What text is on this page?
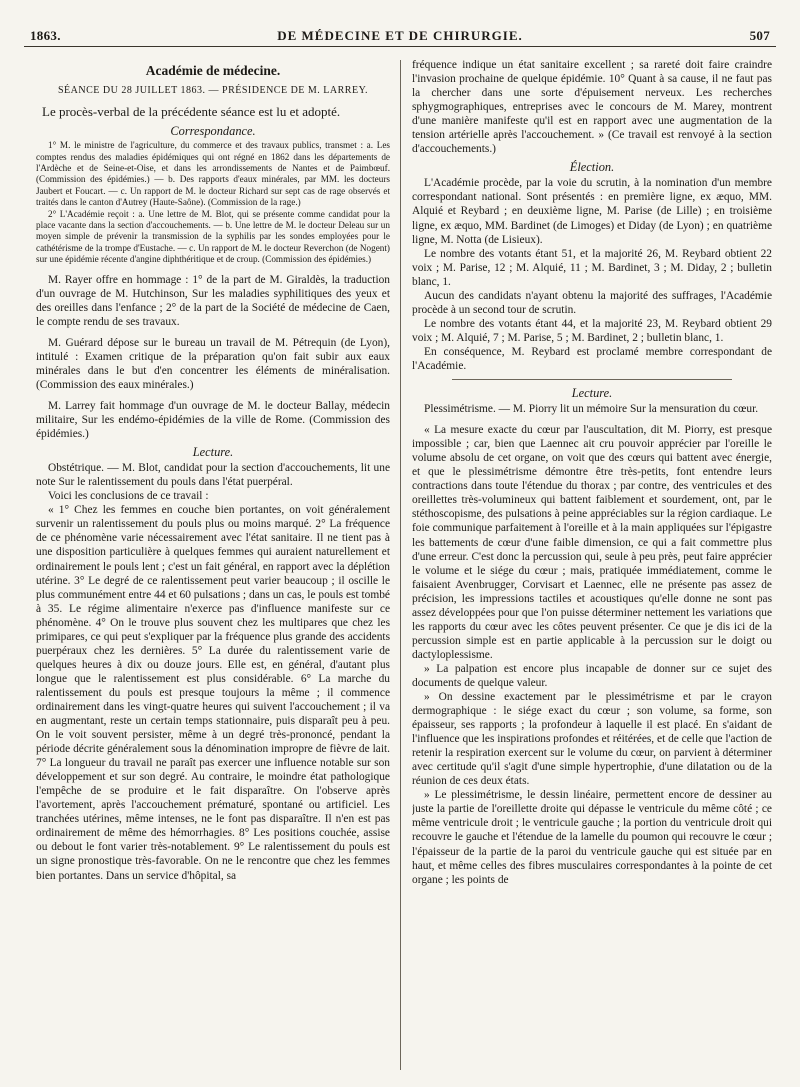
1863.	DE MÉDECINE ET DE CHIRURGIE.	507

Académie de médecine.

SÉANCE DU 28 JUILLET 1863. — PRÉSIDENCE DE M. LARREY.

Le procès-verbal de la précédente séance est lu et adopté.

Correspondance.

1° M. le ministre de l'agriculture, du commerce et des travaux publics, transmet : a. Les comptes rendus des maladies épidémiques qui ont régné en 1862 dans les départements de l'Ardèche et de Seine-et-Oise, et dans les arrondissements de Nantes et de Paimbœuf. (Commission des épidémies.) — b. Des rapports d'eaux minérales, par MM. les docteurs Jaubert et Foucart. — c. Un rapport de M. le docteur Richard sur sept cas de rage observés et traités dans le canton d'Autrey (Haute-Saône). (Commission de la rage.)

2° L'Académie reçoit : a. Une lettre de M. Blot, qui se présente comme candidat pour la place vacante dans la section d'accouchements. — b. Une lettre de M. le docteur Deleau sur un moyen simple de prévenir la transmission de la syphilis par les sondes employées pour le cathétérisme de la trompe d'Eustache. — c. Un rapport de M. le docteur Reverchon (de Nogent) sur une épidémie récente d'angine diphthéritique et de croup. (Commission des épidémies.)

M. Rayer offre en hommage : 1° de la part de M. Giraldès, la traduction d'un ouvrage de M. Hutchinson, Sur les maladies syphilitiques des yeux et des oreilles dans l'enfance ; 2° de la part de la Société de médecine de Caen, le compte rendu de ses travaux.

M. Guérard dépose sur le bureau un travail de M. Pétrequin (de Lyon), intitulé : Examen critique de la préparation qu'on fait subir aux eaux minérales dans le but d'en concentrer les éléments de minéralisation. (Commission des eaux minérales.)

M. Larrey fait hommage d'un ouvrage de M. le docteur Ballay, médecin militaire, Sur les endémo-épidémies de la ville de Rome. (Commission des épidémies.)

Lecture.

Obstétrique. — M. Blot, candidat pour la section d'accouchements, lit une note Sur le ralentissement du pouls dans l'état puerpéral.

Voici les conclusions de ce travail :

« 1° Chez les femmes en couche bien portantes, on voit généralement survenir un ralentissement du pouls plus ou moins marqué. 2° La fréquence de ce phénomène varie nécessairement avec l'état sanitaire. Il ne tient pas à une disposition particulière à quelques femmes qui auraient naturellement et ordinairement le pouls lent ; c'est un fait général, en rapport avec la déplétion utérine. 3° Le degré de ce ralentissement peut varier beaucoup ; il oscille le plus communément entre 44 et 60 pulsations ; dans un cas, le pouls est tombé à 35. Le régime alimentaire n'exerce pas d'influence manifeste sur ce phénomène. 4° On le trouve plus souvent chez les multipares que chez les primipares, ce qui peut s'expliquer par la fréquence plus grande des accidents puerpéraux chez les dernières. 5° La durée du ralentissement varie de quelques heures à dix ou douze jours. Elle est, en général, d'autant plus longue que le ralentissement est plus considérable. 6° La marche du ralentissement du pouls est presque toujours la même ; il commence ordinairement dans les vingt-quatre heures qui suivent l'accouchement ; il va en augmentant, reste un certain temps stationnaire, puis disparaît peu à peu. On le voit souvent persister, même à un degré très-prononcé, pendant la période décrite généralement sous la dénomination impropre de fièvre de lait. 7° La longueur du travail ne paraît pas exercer une influence notable sur son développement et sur son degré. Au contraire, le moindre état pathologique l'empêche de se produire et le fait disparaître. On l'observe après l'avortement, après l'accouchement prématuré, spontané ou artificiel. Les tranchées utérines, même intenses, ne le font pas disparaître. Il n'en est pas ordinairement de même des hémorrhagies. 8° Les positions couchée, assise ou debout le font varier très-notablement. 9° Le ralentissement du pouls est un signe pronostique très-favorable. On ne le rencontre que chez les femmes bien portantes. Dans un service d'hôpital, sa

fréquence indique un état sanitaire excellent ; sa rareté doit faire craindre l'invasion prochaine de quelque épidémie. 10° Quant à sa cause, il ne faut pas la chercher dans une sorte d'épuisement nerveux. Les recherches sphygmographiques, entreprises avec le concours de M. Marey, montrent d'une manière manifeste qu'il est en rapport avec une augmentation de la tension artérielle après l'accouchement. » (Ce travail est renvoyé à la section d'accouchements.)

Élection.

L'Académie procède, par la voie du scrutin, à la nomination d'un membre correspondant national. Sont présentés : en première ligne, ex æquo, MM. Alquié et Reybard ; en deuxième ligne, M. Parise (de Lille) ; en troisième ligne, ex æquo, MM. Bardinet (de Limoges) et Diday (de Lyon) ; en quatrième ligne, M. Notta (de Lisieux).

Le nombre des votants étant 51, et la majorité 26, M. Reybard obtient 22 voix ; M. Parise, 12 ; M. Alquié, 11 ; M. Bardinet, 3 ; M. Diday, 2 ; bulletin blanc, 1.

Aucun des candidats n'ayant obtenu la majorité des suffrages, l'Académie procède à un second tour de scrutin.

Le nombre des votants étant 44, et la majorité 23, M. Reybard obtient 29 voix ; M. Alquié, 7 ; M. Parise, 5 ; M. Bardinet, 2 ; bulletin blanc, 1.

En conséquence, M. Reybard est proclamé membre correspondant de l'Académie.

Lecture.

Plessimétrisme. — M. Piorry lit un mémoire Sur la mensuration du cœur.

« La mesure exacte du cœur par l'auscultation, dit M. Piorry, est presque impossible ; car, bien que Laennec ait cru pouvoir apprécier par l'oreille le volume absolu de cet organe, on voit que des cœurs qui battent avec énergie, et que le plessimétrisme démontre être très-petits, font entendre leurs contractions dans toute l'étendue du thorax ; par contre, des ventricules et des oreillettes très-volumineux qui battent faiblement et sourdement, ont, par le stéthoscopisme, des pulsations à peine appréciables sur la région cardiaque. Le foie communique parfaitement à l'oreille et à la main appliquées sur l'épigastre les battements de cœur d'une faible dimension, ce qui a fait commettre plus d'une erreur. C'est donc la percussion qui, seule à peu près, peut faire apprécier le volume et le siége du cœur ; mais, pratiquée immédiatement, comme le faisaient Avenbrugger, Corvisart et Laennec, elle ne présente pas assez de précision, les impressions tactiles et acoustiques qu'elle donne ne sont pas assez développées pour que l'on puisse déterminer nettement les variations que les rapports du cœur avec les côtes peuvent présenter. Ce que je dis ici de la percussion simple est en partie applicable à la percussion sur le doigt ou dactyloplessisme.

» La palpation est encore plus incapable de donner sur ce sujet des documents de quelque valeur.

» On dessine exactement par le plessimétrisme et par le crayon dermographique : le siége exact du cœur ; son volume, sa forme, son épaisseur, ses rapports ; la profondeur à laquelle il est placé. En s'aidant de l'influence que les inspirations profondes et réitérées, et de celle que l'action de retenir la respiration exercent sur le volume du cœur, on parvient à déterminer avec certitude qu'il s'agit d'une simple hypertrophie, d'une dilatation ou de la réunion de ces deux états.

» Le plessimétrisme, le dessin linéaire, permettent encore de dessiner au juste la partie de l'oreillette droite qui dépasse le ventricule du même côté ; ce même ventricule droit ; le ventricule gauche ; la portion du ventricule droit qui recouvre le gauche et l'étendue de la lamelle du poumon qui recouvre le cœur ; l'épaisseur de la partie de la paroi du ventricule gauche qui est située par en haut, et même celles des fibres musculaires correspondantes à la pointe de cet organe ; les points de
